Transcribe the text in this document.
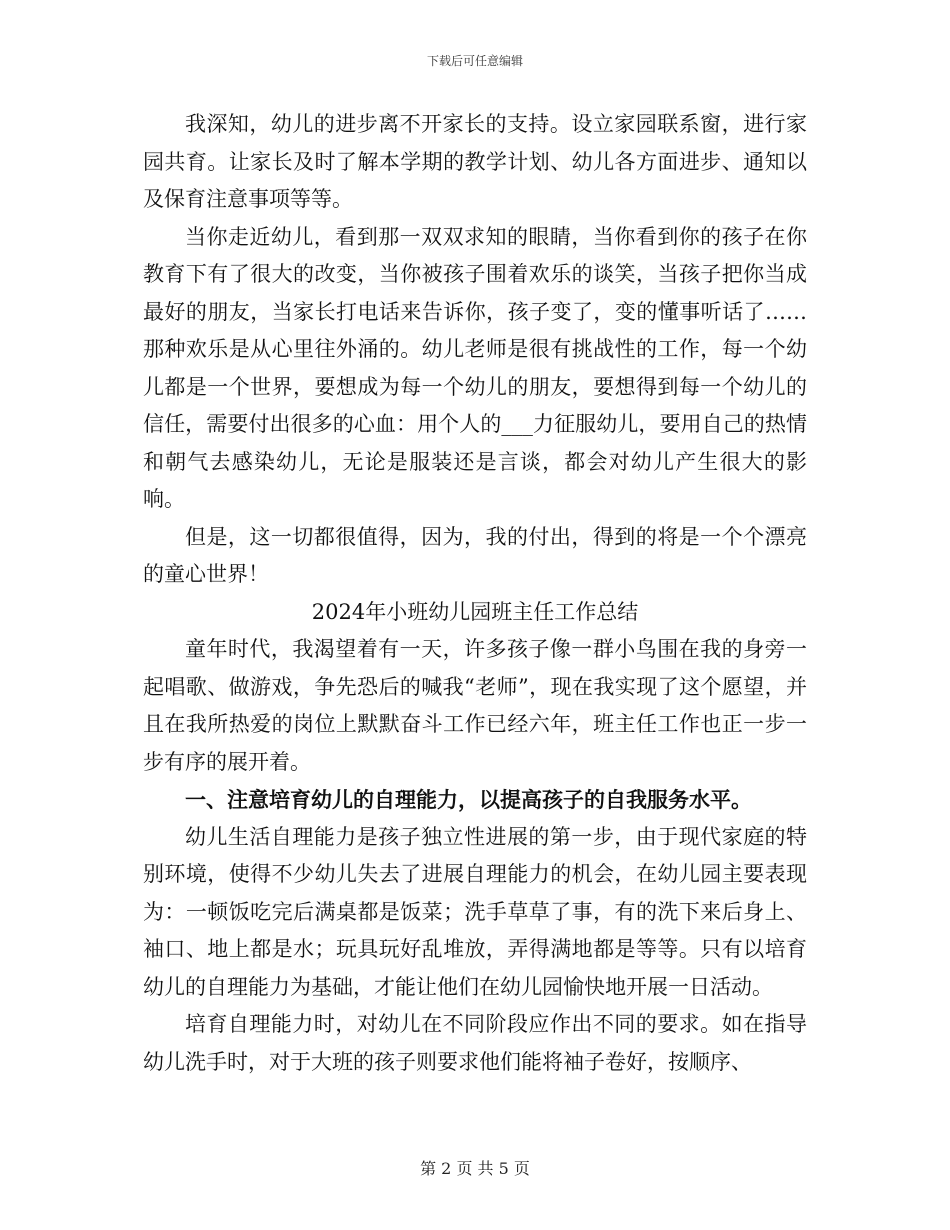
下载后可任意编辑

我深知，幼儿的进步离不开家长的支持。设立家园联系窗，进行家园共育。让家长及时了解本学期的教学计划、幼儿各方面进步、通知以及保育注意事项等等。

当你走近幼儿，看到那一双双求知的眼睛，当你看到你的孩子在你教育下有了很大的改变，当你被孩子围着欢乐的谈笑，当孩子把你当成最好的朋友，当家长打电话来告诉你，孩子变了，变的懂事听话了……那种欢乐是从心里往外涌的。幼儿老师是很有挑战性的工作，每一个幼儿都是一个世界，要想成为每一个幼儿的朋友，要想得到每一个幼儿的信任，需要付出很多的心血：用个人的___力征服幼儿，要用自己的热情和朝气去感染幼儿，无论是服装还是言谈，都会对幼儿产生很大的影响。

但是，这一切都很值得，因为，我的付出，得到的将是一个个漂亮的童心世界！

2024年小班幼儿园班主任工作总结

童年时代，我渴望着有一天，许多孩子像一群小鸟围在我的身旁一起唱歌、做游戏，争先恐后的喊我“老师”，现在我实现了这个愿望，并且在我所热爱的岗位上默默奋斗工作已经六年，班主任工作也正一步一步有序的展开着。

一、注意培育幼儿的自理能力，以提高孩子的自我服务水平。

幼儿生活自理能力是孩子独立性进展的第一步，由于现代家庭的特别环境，使得不少幼儿失去了进展自理能力的机会，在幼儿园主要表现为：一顿饭吃完后满桌都是饭菜；洗手草草了事，有的洗下来后身上、袖口、地上都是水；玩具玩好乱堆放，弄得满地都是等等。只有以培育幼儿的自理能力为基础，才能让他们在幼儿园愉快地开展一日活动。

培育自理能力时，对幼儿在不同阶段应作出不同的要求。如在指导幼儿洗手时，对于大班的孩子则要求他们能将袖子卷好，按顺序、

第 2 页 共 5 页
